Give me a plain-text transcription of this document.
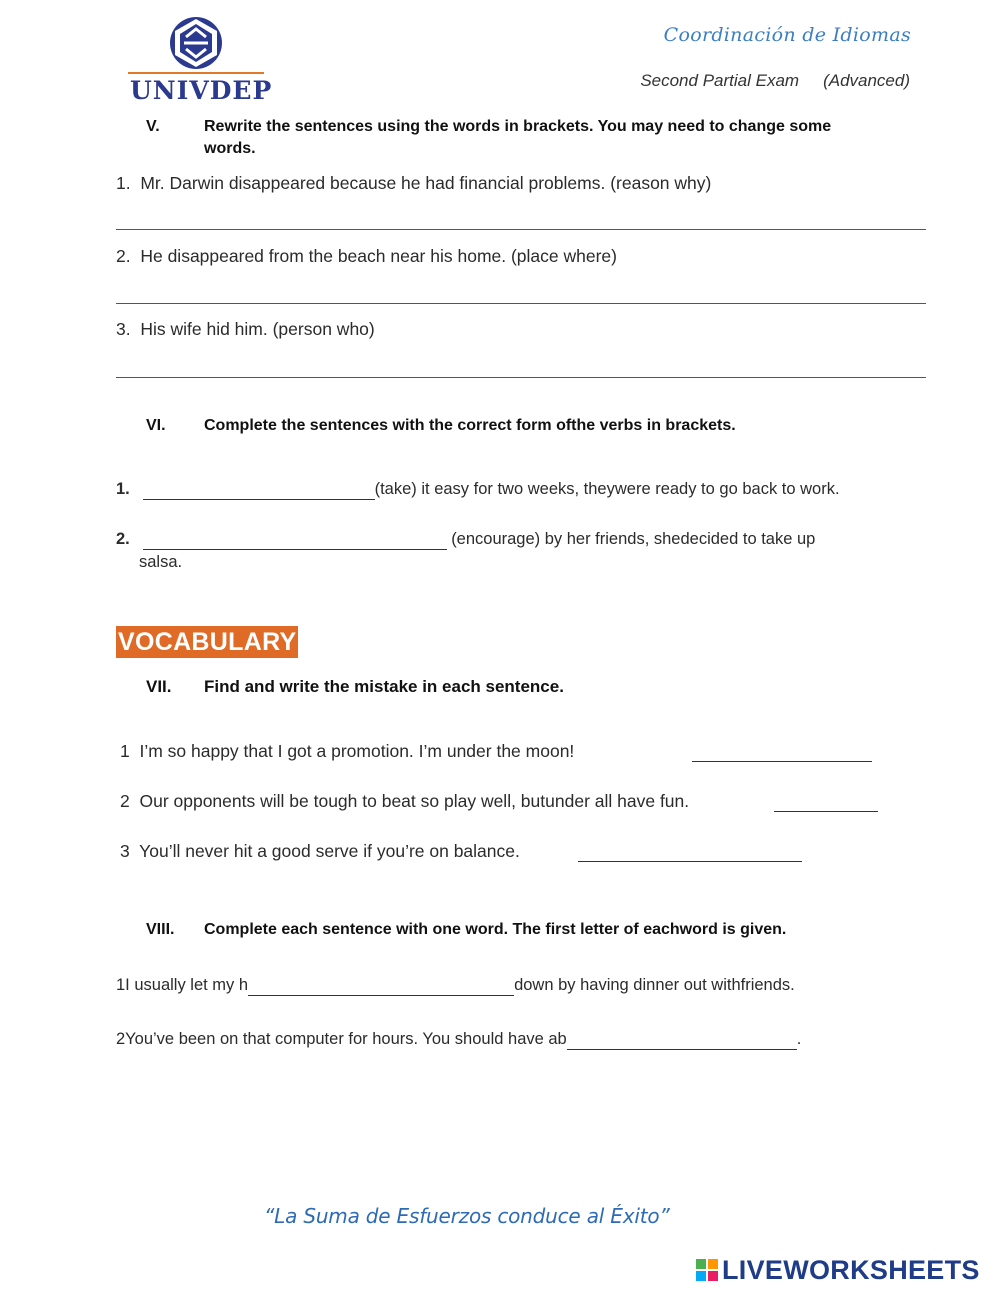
UNIVDEP
Coordinación de Idiomas
Second Partial Exam (Advanced)
V.	Rewrite the sentences using the words in brackets. You may need to change some
words.
1. Mr. Darwin disappeared because he had financial problems. (reason why)
2. He disappeared from the beach near his home. (place where)
3. His wife hid him. (person who)
VI. Complete the sentences with the correct form ofthe verbs in brackets.
1.	(take) it easy for two weeks, theywere ready to go back to work.
2.	(encourage) by her friends, shedecided to take up
salsa.
VOCABULARY
VII. Find and write the mistake in each sentence.
1 I’m so happy that I got a promotion. I’m under the moon!
2 Our opponents will be tough to beat so play well, butunder all have fun.
3 You’ll never hit a good serve if you’re on balance.
VIII. Complete each sentence with one word. The first letter of eachword is given.
1I usually let my h	down by having dinner out withfriends.
2You’ve been on that computer for hours. You should have ab	.
“La Suma de Esfuerzos conduce al Éxito”
LIVEWORKSHEETS
